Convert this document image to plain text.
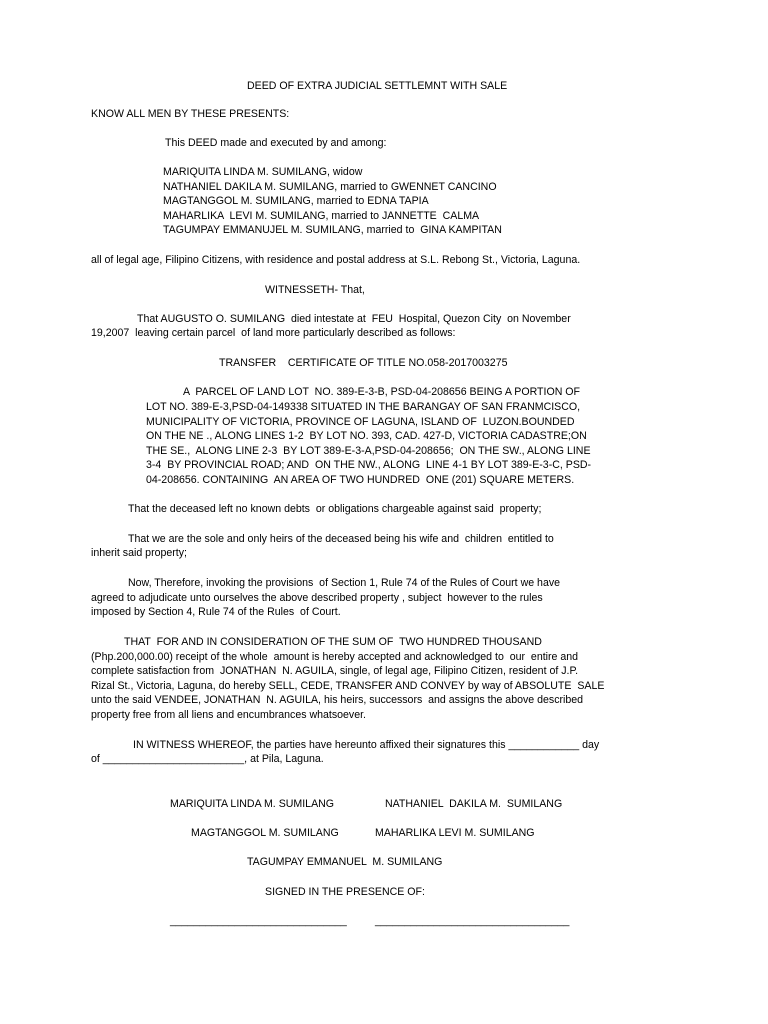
DEED OF EXTRA JUDICIAL SETTLEMNT WITH SALE
KNOW ALL MEN BY THESE PRESENTS:
This DEED made and executed by and among:
MARIQUITA LINDA M. SUMILANG, widow
NATHANIEL DAKILA M. SUMILANG, married to GWENNET CANCINO
MAGTANGGOL M. SUMILANG, married to EDNA TAPIA
MAHARLIKA  LEVI M. SUMILANG, married to JANNETTE  CALMA
TAGUMPAY EMMANUJEL M. SUMILANG, married to  GINA KAMPITAN
all of legal age, Filipino Citizens, with residence and postal address at S.L. Rebong St., Victoria, Laguna.
WITNESSETH- That,
That AUGUSTO O. SUMILANG  died intestate at  FEU  Hospital, Quezon City  on November
19,2007  leaving certain parcel  of land more particularly described as follows:
TRANSFER    CERTIFICATE OF TITLE NO.058-2017003275
A  PARCEL OF LAND LOT  NO. 389-E-3-B, PSD-04-208656 BEING A PORTION OF
LOT NO. 389-E-3,PSD-04-149338 SITUATED IN THE BARANGAY OF SAN FRANMCISCO,
MUNICIPALITY OF VICTORIA, PROVINCE OF LAGUNA, ISLAND OF  LUZON.BOUNDED
ON THE NE ., ALONG LINES 1-2  BY LOT NO. 393, CAD. 427-D, VICTORIA CADASTRE;ON
THE SE.,  ALONG LINE 2-3  BY LOT 389-E-3-A,PSD-04-208656;  ON THE SW., ALONG LINE
3-4  BY PROVINCIAL ROAD; AND  ON THE NW., ALONG  LINE 4-1 BY LOT 389-E-3-C, PSD-
04-208656. CONTAINING  AN AREA OF TWO HUNDRED  ONE (201) SQUARE METERS.
That the deceased left no known debts  or obligations chargeable against said  property;
That we are the sole and only heirs of the deceased being his wife and  children  entitled to
inherit said property;
Now, Therefore, invoking the provisions  of Section 1, Rule 74 of the Rules of Court we have
agreed to adjudicate unto ourselves the above described property , subject  however to the rules
imposed by Section 4, Rule 74 of the Rules  of Court.
THAT  FOR AND IN CONSIDERATION OF THE SUM OF  TWO HUNDRED THOUSAND
(Php.200,000.00) receipt of the whole  amount is hereby accepted and acknowledged to  our  entire and
complete satisfaction from  JONATHAN  N. AGUILA, single, of legal age, Filipino Citizen, resident of J.P.
Rizal St., Victoria, Laguna, do hereby SELL, CEDE, TRANSFER AND CONVEY by way of ABSOLUTE  SALE
unto the said VENDEE, JONATHAN  N. AGUILA, his heirs, successors  and assigns the above described
property free from all liens and encumbrances whatsoever.
IN WITNESS WHEREOF, the parties have hereunto affixed their signatures this ____________ day
of ________________________, at Pila, Laguna.
MARIQUITA LINDA M. SUMILANG	NATHANIEL  DAKILA M.  SUMILANG
MAGTANGGOL M. SUMILANG	MAHARLIKA LEVI M. SUMILANG
TAGUMPAY EMMANUEL  M. SUMILANG
SIGNED IN THE PRESENCE OF:
______________________________	_________________________________
